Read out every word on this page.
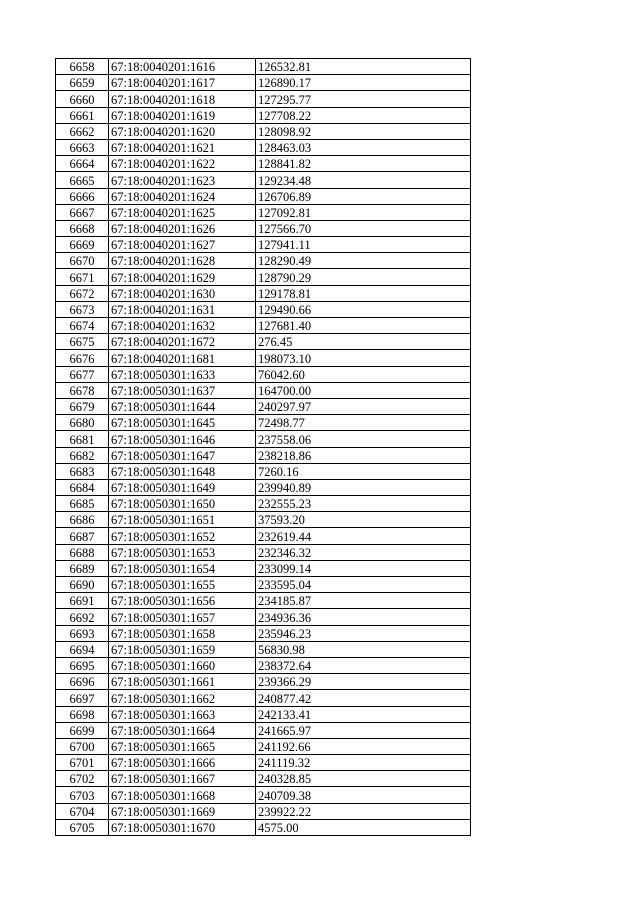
6658	67:18:0040201:1616	126532.81
6659	67:18:0040201:1617	126890.17
6660	67:18:0040201:1618	127295.77
6661	67:18:0040201:1619	127708.22
6662	67:18:0040201:1620	128098.92
6663	67:18:0040201:1621	128463.03
6664	67:18:0040201:1622	128841.82
6665	67:18:0040201:1623	129234.48
6666	67:18:0040201:1624	126706.89
6667	67:18:0040201:1625	127092.81
6668	67:18:0040201:1626	127566.70
6669	67:18:0040201:1627	127941.11
6670	67:18:0040201:1628	128290.49
6671	67:18:0040201:1629	128790.29
6672	67:18:0040201:1630	129178.81
6673	67:18:0040201:1631	129490.66
6674	67:18:0040201:1632	127681.40
6675	67:18:0040201:1672	276.45
6676	67:18:0040201:1681	198073.10
6677	67:18:0050301:1633	76042.60
6678	67:18:0050301:1637	164700.00
6679	67:18:0050301:1644	240297.97
6680	67:18:0050301:1645	72498.77
6681	67:18:0050301:1646	237558.06
6682	67:18:0050301:1647	238218.86
6683	67:18:0050301:1648	7260.16
6684	67:18:0050301:1649	239940.89
6685	67:18:0050301:1650	232555.23
6686	67:18:0050301:1651	37593.20
6687	67:18:0050301:1652	232619.44
6688	67:18:0050301:1653	232346.32
6689	67:18:0050301:1654	233099.14
6690	67:18:0050301:1655	233595.04
6691	67:18:0050301:1656	234185.87
6692	67:18:0050301:1657	234936.36
6693	67:18:0050301:1658	235946.23
6694	67:18:0050301:1659	56830.98
6695	67:18:0050301:1660	238372.64
6696	67:18:0050301:1661	239366.29
6697	67:18:0050301:1662	240877.42
6698	67:18:0050301:1663	242133.41
6699	67:18:0050301:1664	241665.97
6700	67:18:0050301:1665	241192.66
6701	67:18:0050301:1666	241119.32
6702	67:18:0050301:1667	240328.85
6703	67:18:0050301:1668	240709.38
6704	67:18:0050301:1669	239922.22
6705	67:18:0050301:1670	4575.00
